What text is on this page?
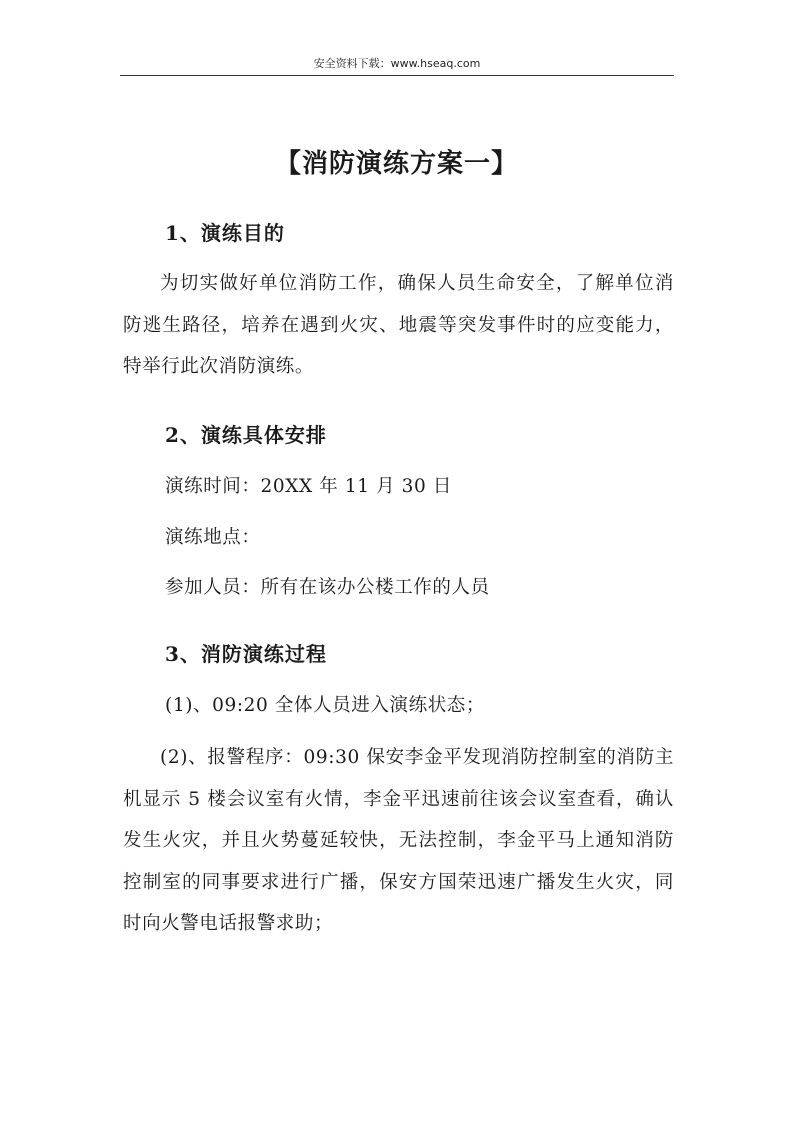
安全资料下载：www.hseaq.com
【消防演练方案一】
1、演练目的
为切实做好单位消防工作，确保人员生命安全，了解单位消防逃生路径，培养在遇到火灾、地震等突发事件时的应变能力，特举行此次消防演练。
2、演练具体安排
演练时间：20XX 年 11 月 30 日
演练地点：
参加人员：所有在该办公楼工作的人员
3、消防演练过程
(1)、09:20 全体人员进入演练状态；
(2)、报警程序：09:30 保安李金平发现消防控制室的消防主机显示 5 楼会议室有火情，李金平迅速前往该会议室查看，确认发生火灾，并且火势蔓延较快，无法控制，李金平马上通知消防控制室的同事要求进行广播，保安方国荣迅速广播发生火灾，同时向火警电话报警求助；
